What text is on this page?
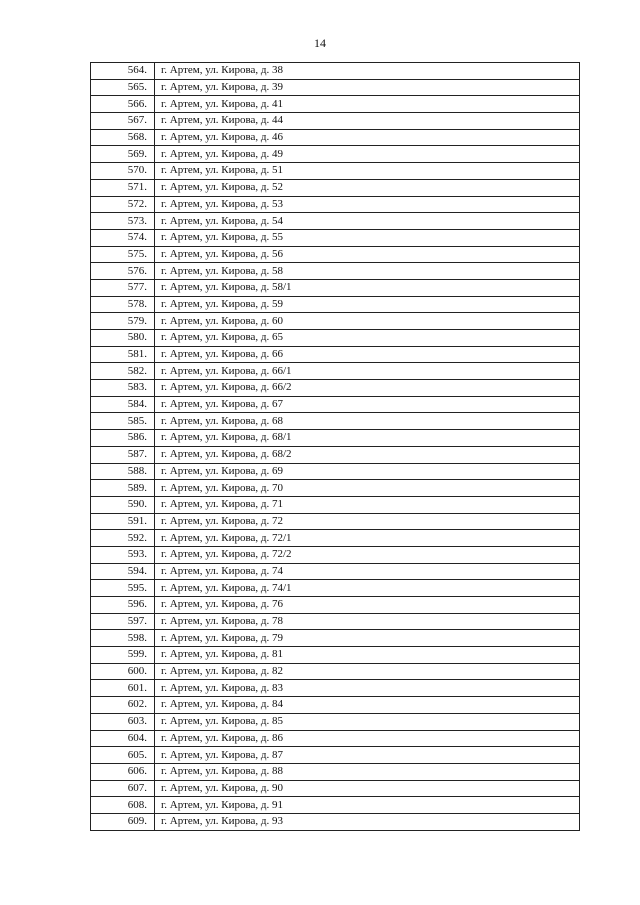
14
564.	г. Артем, ул. Кирова, д. 38
565.	г. Артем, ул. Кирова, д. 39
566.	г. Артем, ул. Кирова, д. 41
567.	г. Артем, ул. Кирова, д. 44
568.	г. Артем, ул. Кирова, д. 46
569.	г. Артем, ул. Кирова, д. 49
570.	г. Артем, ул. Кирова, д. 51
571.	г. Артем, ул. Кирова, д. 52
572.	г. Артем, ул. Кирова, д. 53
573.	г. Артем, ул. Кирова, д. 54
574.	г. Артем, ул. Кирова, д. 55
575.	г. Артем, ул. Кирова, д. 56
576.	г. Артем, ул. Кирова, д. 58
577.	г. Артем, ул. Кирова, д. 58/1
578.	г. Артем, ул. Кирова, д. 59
579.	г. Артем, ул. Кирова, д. 60
580.	г. Артем, ул. Кирова, д. 65
581.	г. Артем, ул. Кирова, д. 66
582.	г. Артем, ул. Кирова, д. 66/1
583.	г. Артем, ул. Кирова, д. 66/2
584.	г. Артем, ул. Кирова, д. 67
585.	г. Артем, ул. Кирова, д. 68
586.	г. Артем, ул. Кирова, д. 68/1
587.	г. Артем, ул. Кирова, д. 68/2
588.	г. Артем, ул. Кирова, д. 69
589.	г. Артем, ул. Кирова, д. 70
590.	г. Артем, ул. Кирова, д. 71
591.	г. Артем, ул. Кирова, д. 72
592.	г. Артем, ул. Кирова, д. 72/1
593.	г. Артем, ул. Кирова, д. 72/2
594.	г. Артем, ул. Кирова, д. 74
595.	г. Артем, ул. Кирова, д. 74/1
596.	г. Артем, ул. Кирова, д. 76
597.	г. Артем, ул. Кирова, д. 78
598.	г. Артем, ул. Кирова, д. 79
599.	г. Артем, ул. Кирова, д. 81
600.	г. Артем, ул. Кирова, д. 82
601.	г. Артем, ул. Кирова, д. 83
602.	г. Артем, ул. Кирова, д. 84
603.	г. Артем, ул. Кирова, д. 85
604.	г. Артем, ул. Кирова, д. 86
605.	г. Артем, ул. Кирова, д. 87
606.	г. Артем, ул. Кирова, д. 88
607.	г. Артем, ул. Кирова, д. 90
608.	г. Артем, ул. Кирова, д. 91
609.	г. Артем, ул. Кирова, д. 93
